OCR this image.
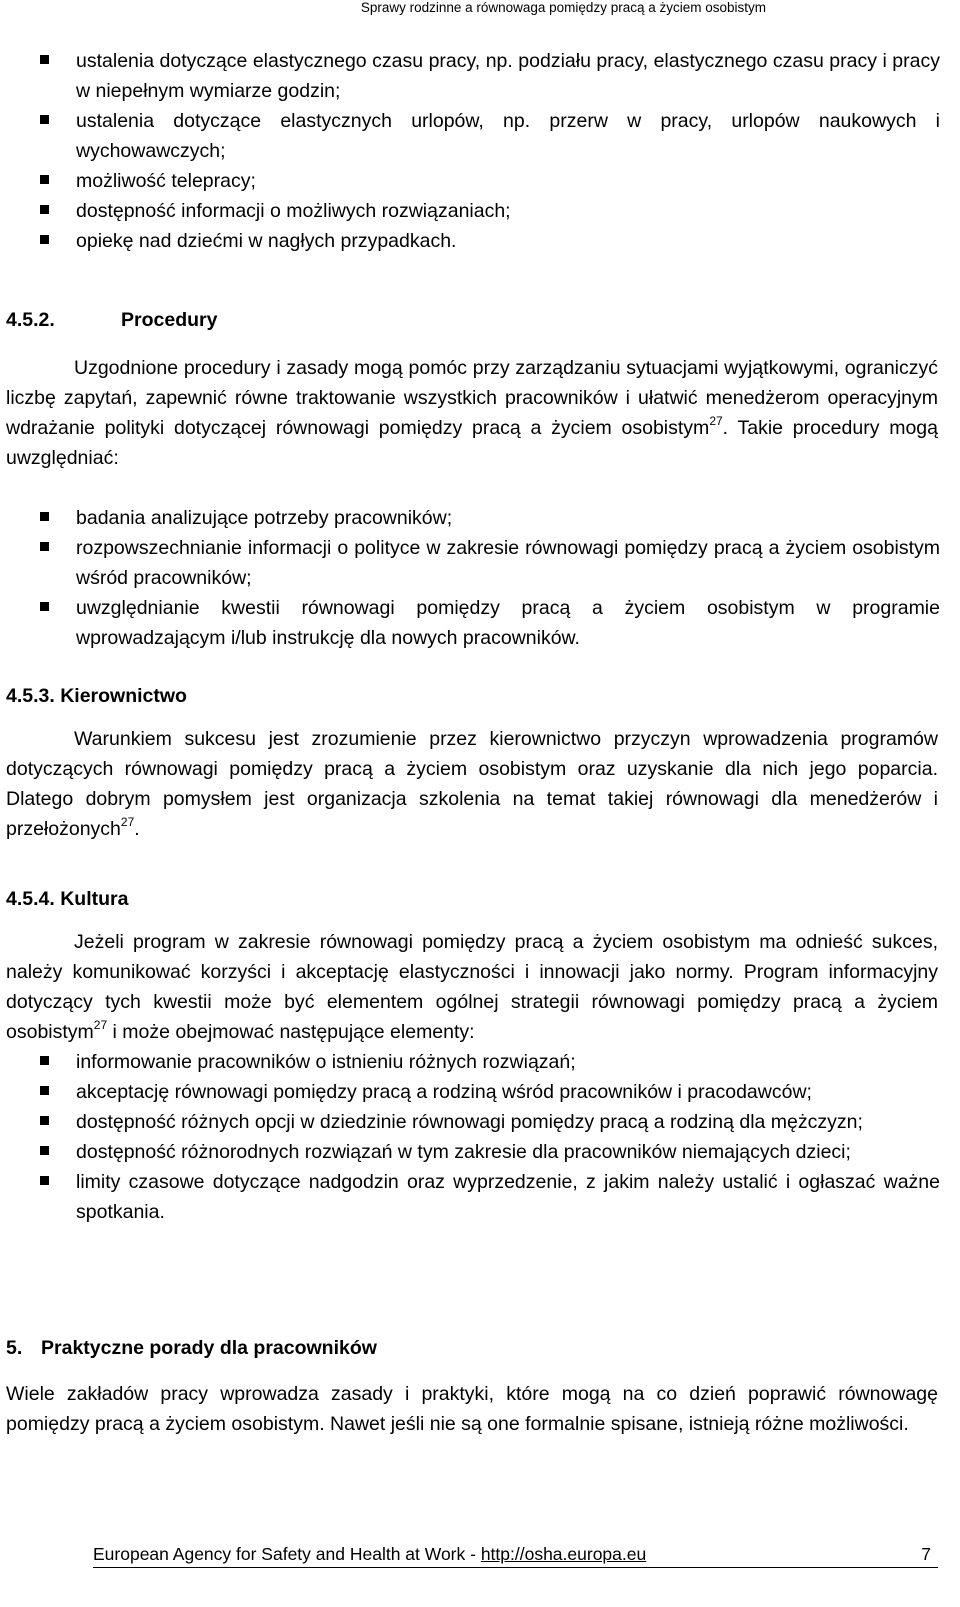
Sprawy rodzinne a równowaga pomiędzy pracą a życiem osobistym
ustalenia dotyczące elastycznego czasu pracy, np. podziału pracy, elastycznego czasu pracy i pracy w niepełnym wymiarze godzin;
ustalenia dotyczące elastycznych urlopów, np. przerw w pracy, urlopów naukowych i wychowawczych;
możliwość telepracy;
dostępność informacji o możliwych rozwiązaniach;
opiekę nad dziećmi w nagłych przypadkach.
4.5.2.	Procedury

Uzgodnione procedury i zasady mogą pomóc przy zarządzaniu sytuacjami wyjątkowymi, ograniczyć liczbę zapytań, zapewnić równe traktowanie wszystkich pracowników i ułatwić menedżerom operacyjnym wdrażanie polityki dotyczącej równowagi pomiędzy pracą a życiem osobistym$^{27}$. Takie procedury mogą uwzględniać:

badania analizujące potrzeby pracowników;
rozpowszechnianie informacji o polityce w zakresie równowagi pomiędzy pracą a życiem osobistym wśród pracowników;
uwzględnianie kwestii równowagi pomiędzy pracą a życiem osobistym w programie wprowadzającym i/lub instrukcję dla nowych pracowników.
4.5.3. Kierownictwo

Warunkiem sukcesu jest zrozumienie przez kierownictwo przyczyn wprowadzenia programów dotyczących równowagi pomiędzy pracą a życiem osobistym oraz uzyskanie dla nich jego poparcia. Dlatego dobrym pomysłem jest organizacja szkolenia na temat takiej równowagi dla menedżerów i przełożonych$^{27}$.

4.5.4. Kultura

Jeżeli program w zakresie równowagi pomiędzy pracą a życiem osobistym ma odnieść sukces, należy komunikować korzyści i akceptację elastyczności i innowacji jako normy. Program informacyjny dotyczący tych kwestii może być elementem ogólnej strategii równowagi pomiędzy pracą a życiem osobistym$^{27}$ i może obejmować następujące elementy:

informowanie pracowników o istnieniu różnych rozwiązań;
akceptację równowagi pomiędzy pracą a rodziną wśród pracowników i pracodawców;
dostępność różnych opcji w dziedzinie równowagi pomiędzy pracą a rodziną dla mężczyzn;
dostępność różnorodnych rozwiązań w tym zakresie dla pracowników niemających dzieci;
limity czasowe dotyczące nadgodzin oraz wyprzedzenie, z jakim należy ustalić i ogłaszać ważne spotkania.
5. Praktyczne porady dla pracowników

Wiele zakładów pracy wprowadza zasady i praktyki, które mogą na co dzień poprawić równowagę pomiędzy pracą a życiem osobistym. Nawet jeśli nie są one formalnie spisane, istnieją różne możliwości.

European Agency for Safety and Health at Work - http://osha.europa.eu	7
